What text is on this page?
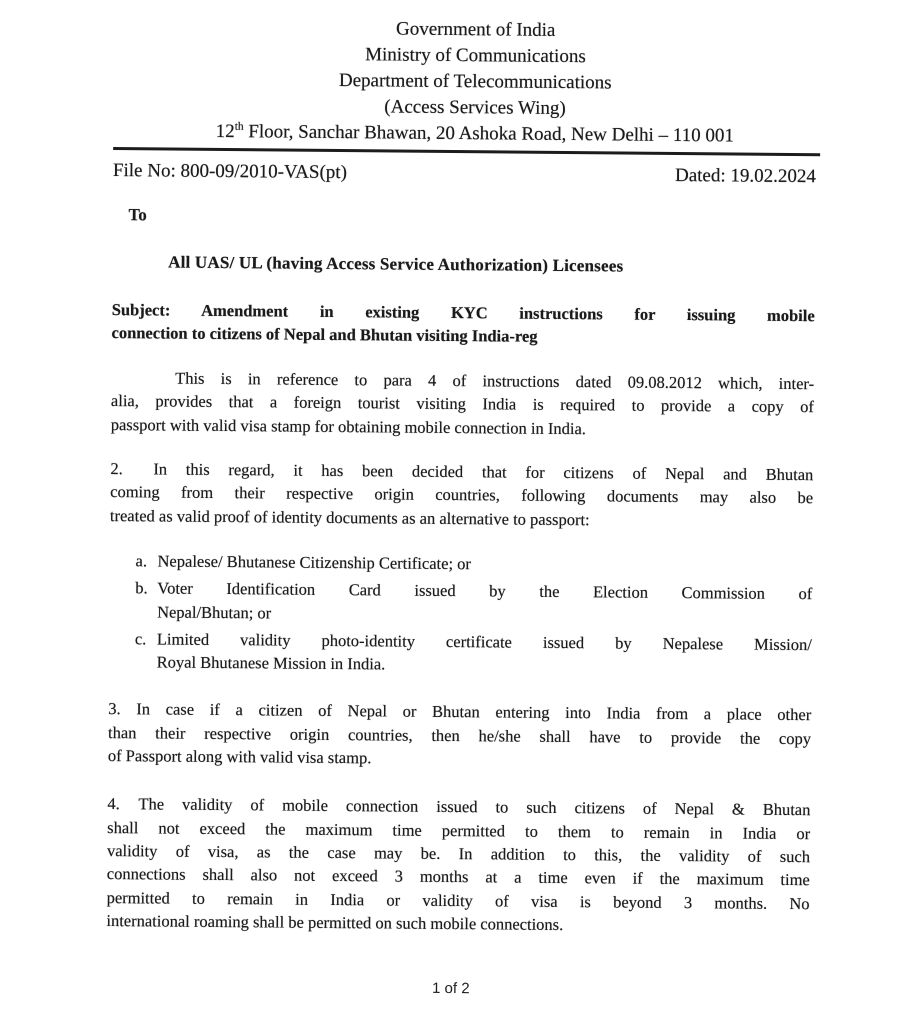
Government of India
Ministry of Communications
Department of Telecommunications
(Access Services Wing)
12th Floor, Sanchar Bhawan, 20 Ashoka Road, New Delhi – 110 001
File No: 800-09/2010-VAS(pt)	Dated: 19.02.2024
To
All UAS/ UL (having Access Service Authorization) Licensees
Subject: Amendment in existing KYC instructions for issuing mobile
connection to citizens of Nepal and Bhutan visiting India-reg
This is in reference to para 4 of instructions dated 09.08.2012 which, inter-
alia, provides that a foreign tourist visiting India is required to provide a copy of
passport with valid visa stamp for obtaining mobile connection in India.
2. In this regard, it has been decided that for citizens of Nepal and Bhutan
coming from their respective origin countries, following documents may also be
treated as valid proof of identity documents as an alternative to passport:
a. Nepalese/ Bhutanese Citizenship Certificate; or
b. Voter Identification Card issued by the Election Commission of
Nepal/Bhutan; or
c. Limited validity photo-identity certificate issued by Nepalese Mission/
Royal Bhutanese Mission in India.
3. In case if a citizen of Nepal or Bhutan entering into India from a place other
than their respective origin countries, then he/she shall have to provide the copy
of Passport along with valid visa stamp.
4. The validity of mobile connection issued to such citizens of Nepal & Bhutan
shall not exceed the maximum time permitted to them to remain in India or
validity of visa, as the case may be. In addition to this, the validity of such
connections shall also not exceed 3 months at a time even if the maximum time
permitted to remain in India or validity of visa is beyond 3 months. No
international roaming shall be permitted on such mobile connections.
1 of 2
